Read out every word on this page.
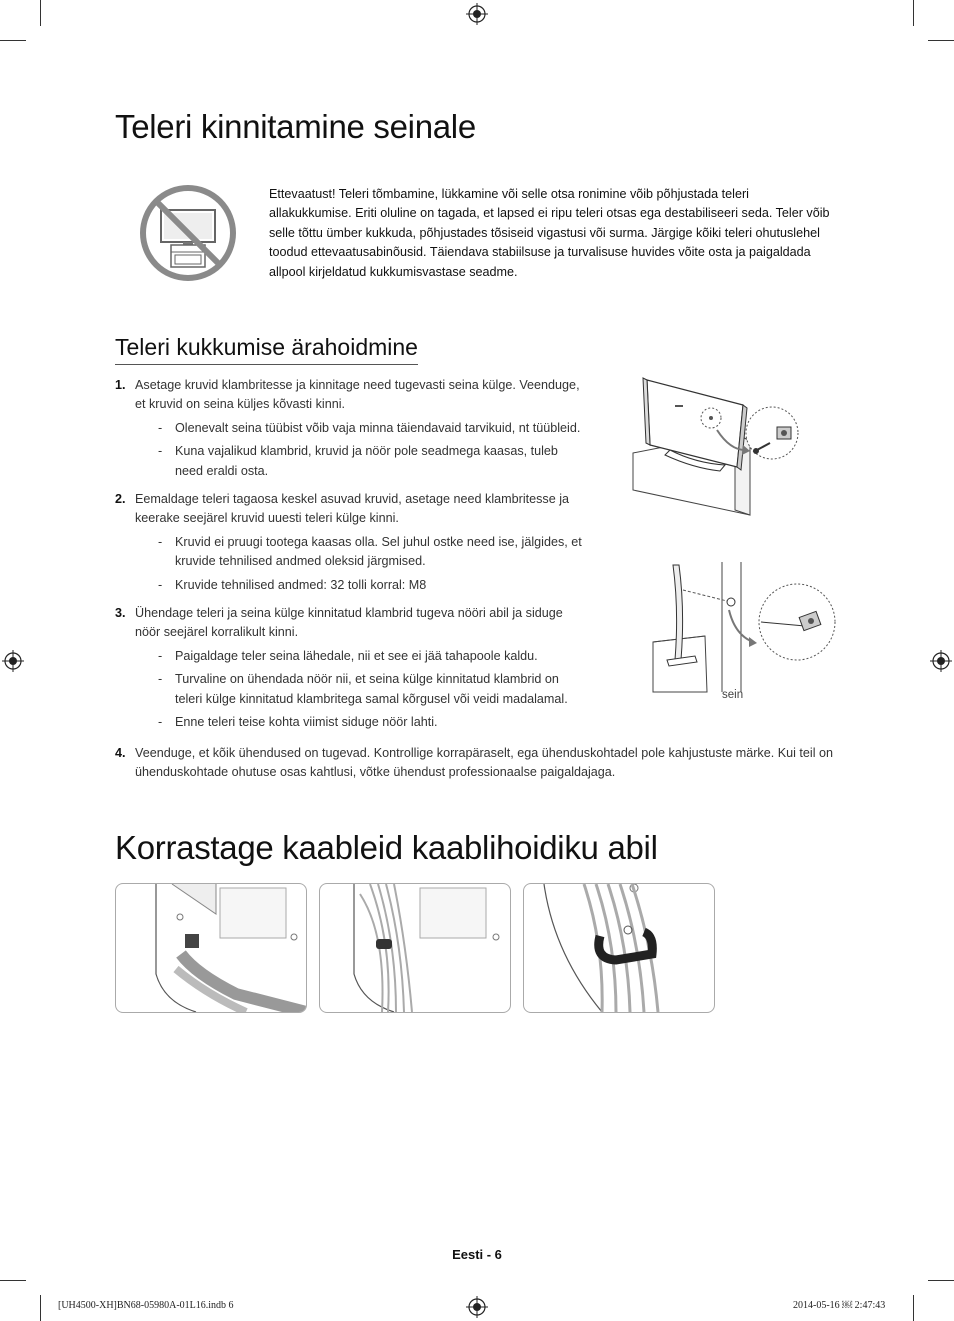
Teleri kinnitamine seinale
Ettevaatust! Teleri tõmbamine, lükkamine või selle otsa ronimine võib põhjustada teleri allakukkumise. Eriti oluline on tagada, et lapsed ei ripu teleri otsas ega destabiliseeri seda. Teler võib selle tõttu ümber kukkuda, põhjustades tõsiseid vigastusi või surma. Järgige kõiki teleri ohutuslehel toodud ettevaatusabinõusid. Täiendava stabiilsuse ja turvalisuse huvides võite osta ja paigaldada allpool kirjeldatud kukkumisvastase seadme.
Teleri kukkumise ärahoidmine
1. Asetage kruvid klambritesse ja kinnitage need tugevasti seina külge. Veenduge, et kruvid on seina küljes kõvasti kinni.
- Olenevalt seina tüübist võib vaja minna täiendavaid tarvikuid, nt tüübleid.
- Kuna vajalikud klambrid, kruvid ja nöör pole seadmega kaasas, tuleb need eraldi osta.
2. Eemaldage teleri tagaosa keskel asuvad kruvid, asetage need klambritesse ja keerake seejärel kruvid uuesti teleri külge kinni.
- Kruvid ei pruugi tootega kaasas olla. Sel juhul ostke need ise, jälgides, et kruvide tehnilised andmed oleksid järgmised.
- Kruvide tehnilised andmed: 32 tolli korral: M8
3. Ühendage teleri ja seina külge kinnitatud klambrid tugeva nööri abil ja siduge nöör seejärel korralikult kinni.
- Paigaldage teler seina lähedale, nii et see ei jää tahapoole kaldu.
- Turvaline on ühendada nöör nii, et seina külge kinnitatud klambrid on teleri külge kinnitatud klambritega samal kõrgusel või veidi madalamal.
- Enne teleri teise kohta viimist siduge nöör lahti.
4. Veenduge, et kõik ühendused on tugevad. Kontrollige korrapäraselt, ega ühenduskohtadel pole kahjustuste märke. Kui teil on ühenduskohtade ohutuse osas kahtlusi, võtke ühendust professionaalse paigaldajaga.
sein
Korrastage kaableid kaablihoidiku abil
Eesti - 6
[UH4500-XH]BN68-05980A-01L16.indb 6	2014-05-16 ￼ 2:47:43
